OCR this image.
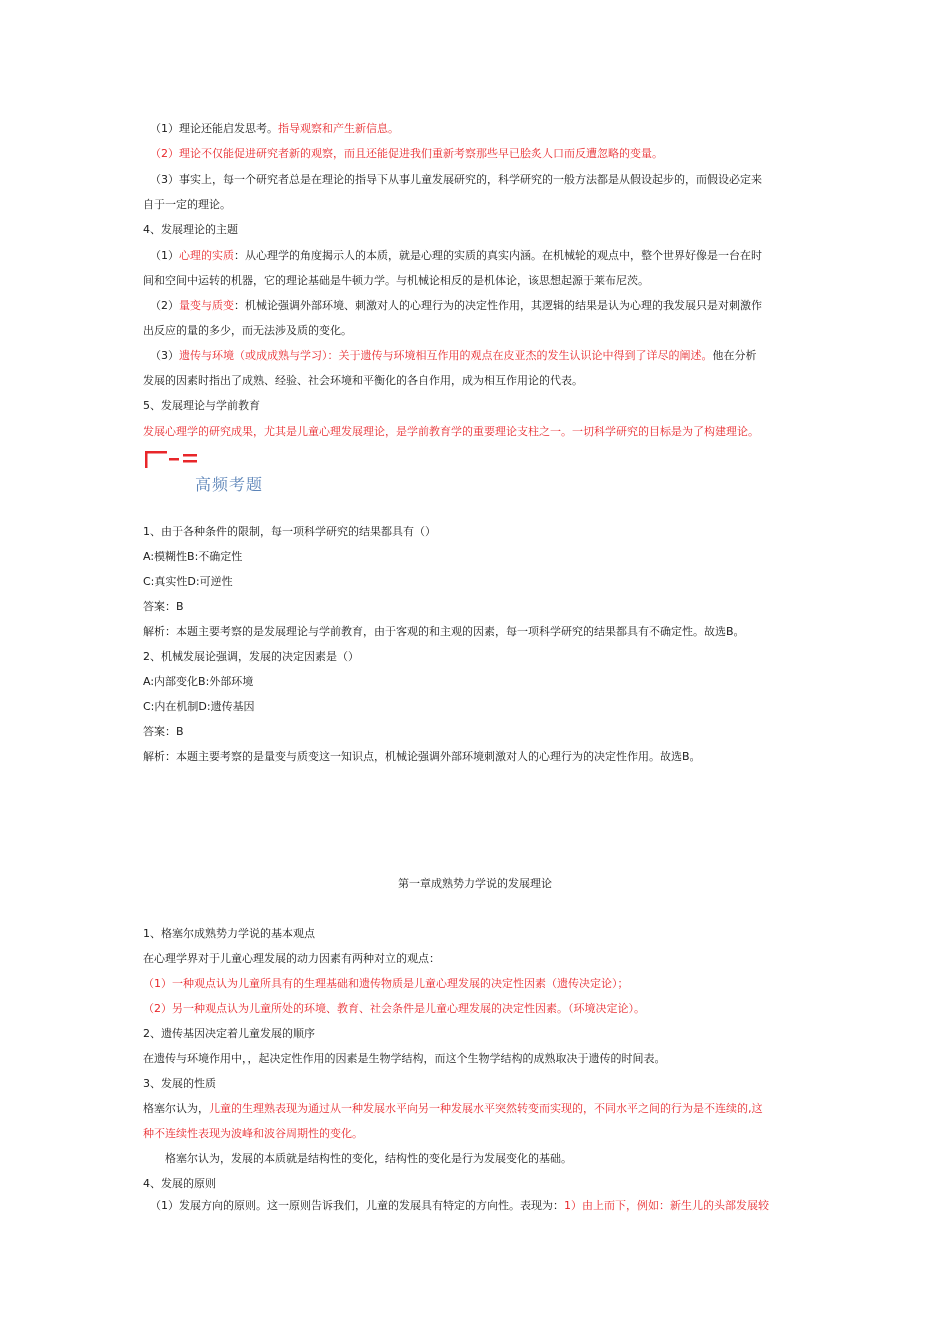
（1）理论还能启发思考。指导观察和产生新信息。
（2）理论不仅能促进研究者新的观察，而且还能促进我们重新考察那些早已脍炙人口而反遭忽略的变量。
（3）事实上，每一个研究者总是在理论的指导下从事儿童发展研究的，科学研究的一般方法都是从假设起步的，而假设必定来
自于一定的理论。
4、发展理论的主题
（1）心理的实质：从心理学的角度揭示人的本质，就是心理的实质的真实内涵。在机械轮的观点中，整个世界好像是一台在时
间和空间中运转的机器，它的理论基础是牛顿力学。与机械论相反的是机体论，该思想起源于莱布尼茨。
（2）量变与质变：机械论强调外部环境、刺激对人的心理行为的决定性作用，其逻辑的结果是认为心理的我发展只是对刺激作
出反应的量的多少，而无法涉及质的变化。
（3）遗传与环境（或成成熟与学习）：关于遗传与环境相互作用的观点在皮亚杰的发生认识论中得到了详尽的阐述。他在分析
发展的因素时指出了成熟、经验、社会环境和平衡化的各自作用，成为相互作用论的代表。
5、发展理论与学前教育
发展心理学的研究成果，尤其是儿童心理发展理论，是学前教育学的重要理论支柱之一。一切科学研究的目标是为了构建理论。
高频考题
1、由于各种条件的限制，每一项科学研究的结果都具有（）
A:模糊性B:不确定性
C:真实性D:可逆性
答案：B
解析：本题主要考察的是发展理论与学前教育，由于客观的和主观的因素，每一项科学研究的结果都具有不确定性。故选B。
2、机械发展论强调，发展的决定因素是（）
A:内部变化B:外部环境
C:内在机制D:遗传基因
答案：B
解析：本题主要考察的是量变与质变这一知识点，机械论强调外部环境刺激对人的心理行为的决定性作用。故选B。
第一章成熟势力学说的发展理论
1、格塞尔成熟势力学说的基本观点
在心理学界对于儿童心理发展的动力因素有两种对立的观点：
（1）一种观点认为儿童所具有的生理基础和遗传物质是儿童心理发展的决定性因素（遗传决定论）；
（2）另一种观点认为儿童所处的环境、教育、社会条件是儿童心理发展的决定性因素。（环境决定论）。
2、遗传基因决定着儿童发展的顺序
在遗传与环境作用中，，起决定性作用的因素是生物学结构，而这个生物学结构的成熟取决于遗传的时间表。
3、发展的性质
格塞尔认为，儿童的生理熟表现为通过从一种发展水平向另一种发展水平突然转变而实现的，不同水平之间的行为是不连续的,这
种不连续性表现为波峰和波谷周期性的变化。
格塞尔认为，发展的本质就是结构性的变化，结构性的变化是行为发展变化的基础。
4、发展的原则
（1）发展方向的原则。这一原则告诉我们，儿童的发展具有特定的方向性。表现为：1）由上而下，例如：新生儿的头部发展较
